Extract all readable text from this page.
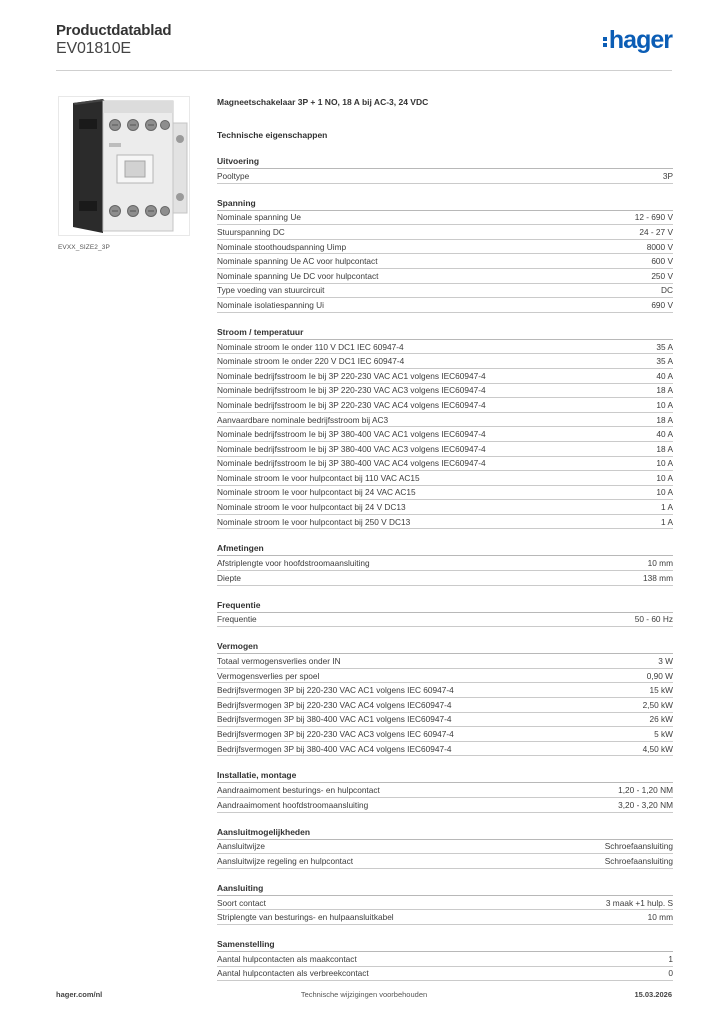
Productdatablad
EV01810E	hager
EVXX_SIZE2_3P
Magneetschakelaar 3P + 1 NO, 18 A bij AC-3, 24 VDC
Technische eigenschappen
Uitvoering
Pooltype	3P
Spanning
Nominale spanning Ue	12 - 690 V
Stuurspanning DC	24 - 27 V
Nominale stoothoudspanning Uimp	8000 V
Nominale spanning Ue AC voor hulpcontact	600 V
Nominale spanning Ue DC voor hulpcontact	250 V
Type voeding van stuurcircuit	DC
Nominale isolatiespanning Ui	690 V
Stroom / temperatuur
Nominale stroom Ie onder 110 V DC1 IEC 60947-4	35 A
Nominale stroom Ie onder 220 V DC1 IEC 60947-4	35 A
Nominale bedrijfsstroom Ie bij 3P 220-230 VAC AC1 volgens IEC60947-4	40 A
Nominale bedrijfsstroom Ie bij 3P 220-230 VAC AC3 volgens IEC60947-4	18 A
Nominale bedrijfsstroom Ie bij 3P 220-230 VAC AC4 volgens IEC60947-4	10 A
Aanvaardbare nominale bedrijfsstroom bij AC3	18 A
Nominale bedrijfsstroom Ie bij 3P 380-400 VAC AC1 volgens IEC60947-4	40 A
Nominale bedrijfsstroom Ie bij 3P 380-400 VAC AC3 volgens IEC60947-4	18 A
Nominale bedrijfsstroom Ie bij 3P 380-400 VAC AC4 volgens IEC60947-4	10 A
Nominale stroom Ie voor hulpcontact bij 110 VAC AC15	10 A
Nominale stroom Ie voor hulpcontact bij 24 VAC AC15	10 A
Nominale stroom Ie voor hulpcontact bij 24 V DC13	1 A
Nominale stroom Ie voor hulpcontact bij 250 V DC13	1 A
Afmetingen
Afstriplengte voor hoofdstroomaansluiting	10 mm
Diepte	138 mm
Frequentie
Frequentie	50 - 60 Hz
Vermogen
Totaal vermogensverlies onder IN	3 W
Vermogensverlies per spoel	0,90 W
Bedrijfsvermogen 3P bij 220-230 VAC AC1 volgens IEC 60947-4	15 kW
Bedrijfsvermogen 3P bij 220-230 VAC AC4 volgens IEC60947-4	2,50 kW
Bedrijfsvermogen 3P bij 380-400 VAC AC1 volgens IEC60947-4	26 kW
Bedrijfsvermogen 3P bij 220-230 VAC AC3 volgens IEC 60947-4	5 kW
Bedrijfsvermogen 3P bij 380-400 VAC AC4 volgens IEC60947-4	4,50 kW
Installatie, montage
Aandraaimoment besturings- en hulpcontact	1,20 - 1,20 NM
Aandraaimoment hoofdstroomaansluiting	3,20 - 3,20 NM
Aansluitmogelijkheden
Aansluitwijze	Schroefaansluiting
Aansluitwijze regeling en hulpcontact	Schroefaansluiting
Aansluiting
Soort contact	3 maak +1 hulp. S
Striplengte van besturings- en hulpaansluitkabel	10 mm
Samenstelling
Aantal hulpcontacten als maakcontact	1
Aantal hulpcontacten als verbreekcontact	0
hager.com/nl	Technische wijzigingen voorbehouden	15.03.2026
